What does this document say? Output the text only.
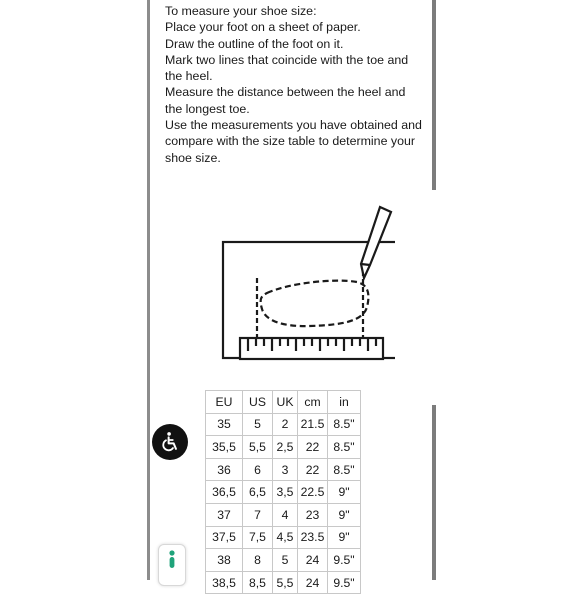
To measure your shoe size:
Place your foot on a sheet of paper.
Draw the outline of the foot on it.
Mark two lines that coincide with the toe and the heel.
Measure the distance between the heel and the longest toe.
Use the measurements you have obtained and compare with the size table to determine your shoe size.
EU	US	UK	cm	in
35	5	2	21.5	8.5"
35,5	5,5	2,5	22	8.5"
36	6	3	22	8.5"
36,5	6,5	3,5	22.5	9"
37	7	4	23	9"
37,5	7,5	4,5	23.5	9"
38	8	5	24	9.5"
38,5	8,5	5,5	24	9.5"
